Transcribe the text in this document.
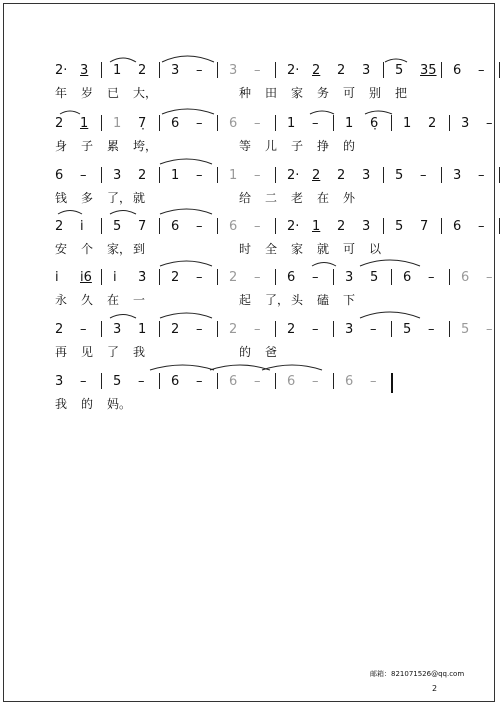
2· 3 1 2 3 – 3 – 2· 2 2 3 5 35 6 –
年 岁 已 大，	种 田 家 务 可 别 把
2 1 1 7̣ 6 – 6 – 1 – 1 6̣ 1 2 3 –
身 子 累 垮，	等 儿 子 挣 的
6 – 3 2 1 – 1 – 2· 2 2 3 5 – 3 –
钱 多 了， 就	给 二 老 在 外
2 i̇ 5 7 6 – 6 – 2· 1 2 3 5 7 6 –
安 个 家， 到	时 全 家 就 可 以
i i6 i 3̇ 2 – 2 – 6 – 3 5 6 – 6 –
永 久 在 一	起 了， 头 磕 下
2 – 3 1 2 – 2 – 2 – 3 – 5 – 5 –
再 见 了 我	的 爸
3 – 5 – 6 – 6 – 6 – 6 –
我 的 妈。
邮箱：821071526@qq.com
2
